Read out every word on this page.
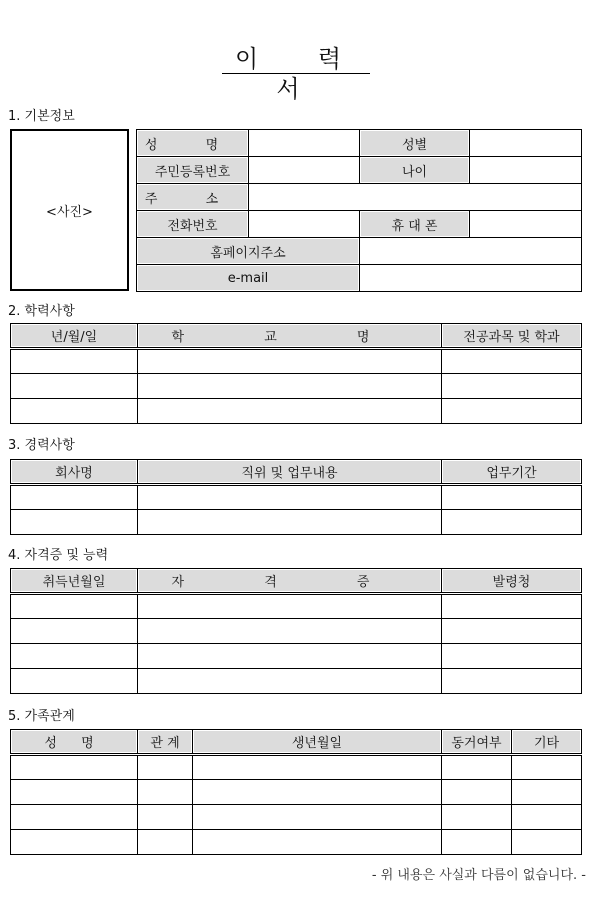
이 력 서
1. 기본정보
<사진>
성 명		성별	
주민등록번호		나이	
주 소			
전화번호		휴 대 폰	
홈페이지주소			
e-mail			
2. 학력사항
년/월/일	학 교 명	전공과목 및 학과

3. 경력사항
회사명	직위 및 업무내용	업무기간

4. 자격증 및 능력
취득년월일	자 격 증	발령청

5. 가족관계
성 명	관 계	생년월일	동거여부	기타

- 위 내용은 사실과 다름이 없습니다. -
